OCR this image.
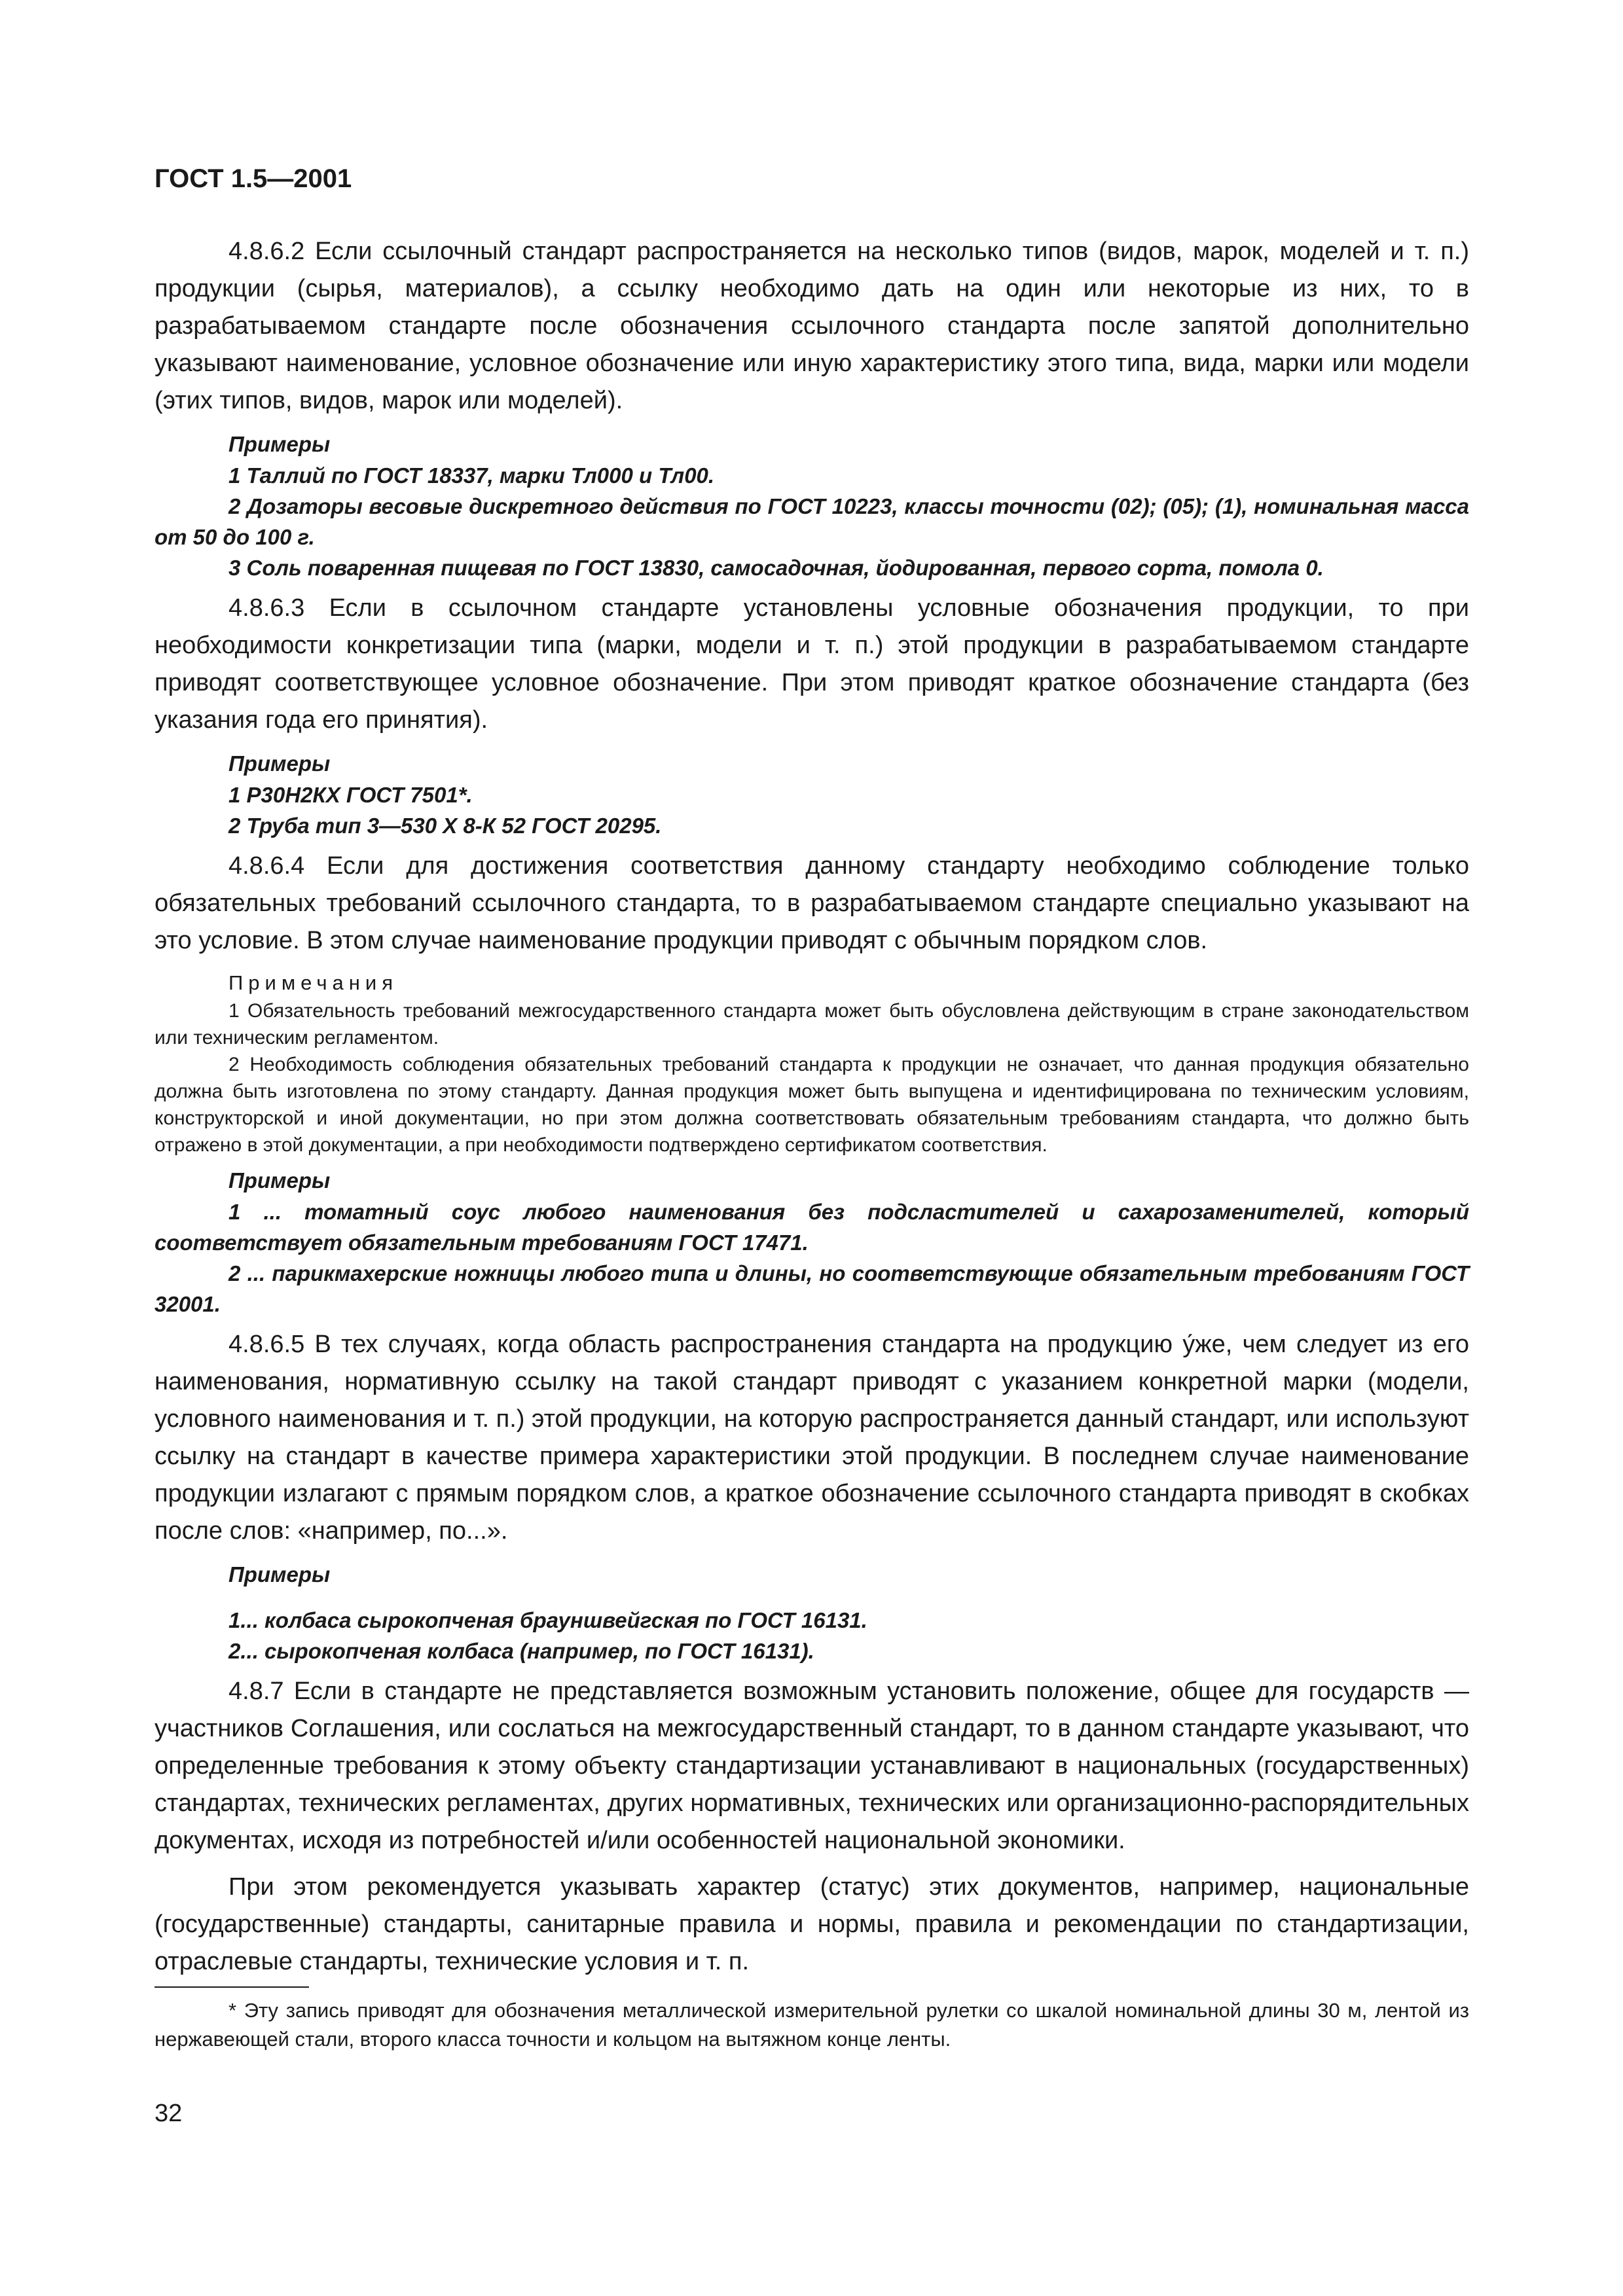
ГОСТ 1.5—2001

4.8.6.2 Если ссылочный стандарт распространяется на несколько типов (видов, марок, моделей и т. п.) продукции (сырья, материалов), а ссылку необходимо дать на один или некоторые из них, то в разрабатываемом стандарте после обозначения ссылочного стандарта после запятой дополнительно указывают наименование, условное обозначение или иную характеристику этого типа, вида, марки или модели (этих типов, видов, марок или моделей).

Примеры
1 Таллий по ГОСТ 18337, марки Тл000 и Тл00.
2 Дозаторы весовые дискретного действия по ГОСТ 10223, классы точности (02); (05); (1), номинальная масса от 50 до 100 г.
3 Соль поваренная пищевая по ГОСТ 13830, самосадочная, йодированная, первого сорта, помола 0.

4.8.6.3 Если в ссылочном стандарте установлены условные обозначения продукции, то при необходимости конкретизации типа (марки, модели и т. п.) этой продукции в разрабатываемом стандарте приводят соответствующее условное обозначение. При этом приводят краткое обозначение стандарта (без указания года его принятия).

Примеры
1 Р30Н2КХ ГОСТ 7501*.
2 Труба тип 3—530 X 8-К 52 ГОСТ 20295.

4.8.6.4 Если для достижения соответствия данному стандарту необходимо соблюдение только обязательных требований ссылочного стандарта, то в разрабатываемом стандарте специально указывают на это условие. В этом случае наименование продукции приводят с обычным порядком слов.

Примечания
1 Обязательность требований межгосударственного стандарта может быть обусловлена действующим в стране законодательством или техническим регламентом.
2 Необходимость соблюдения обязательных требований стандарта к продукции не означает, что данная продукция обязательно должна быть изготовлена по этому стандарту. Данная продукция может быть выпущена и идентифицирована по техническим условиям, конструкторской и иной документации, но при этом должна соответствовать обязательным требованиям стандарта, что должно быть отражено в этой документации, а при необходимости подтверждено сертификатом соответствия.
Примеры
1 ... томатный соус любого наименования без подсластителей и сахарозаменителей, который соответствует обязательным требованиям ГОСТ 17471.
2 ... парикмахерские ножницы любого типа и длины, но соответствующие обязательным требованиям ГОСТ 32001.

4.8.6.5 В тех случаях, когда область распространения стандарта на продукцию у́же, чем следует из его наименования, нормативную ссылку на такой стандарт приводят с указанием конкретной марки (модели, условного наименования и т. п.) этой продукции, на которую распространяется данный стандарт, или используют ссылку на стандарт в качестве примера характеристики этой продукции. В последнем случае наименование продукции излагают с прямым порядком слов, а краткое обозначение ссылочного стандарта приводят в скобках после слов: «например, по...».

Примеры
1... колбаса сырокопченая брауншвейгская по ГОСТ 16131.
2... сырокопченая колбаса (например, по ГОСТ 16131).

4.8.7 Если в стандарте не представляется возможным установить положение, общее для государств — участников Соглашения, или сослаться на межгосударственный стандарт, то в данном стандарте указывают, что определенные требования к этому объекту стандартизации устанавливают в национальных (государственных) стандартах, технических регламентах, других нормативных, технических или организационно-распорядительных документах, исходя из потребностей и/или особенностей национальной экономики.

При этом рекомендуется указывать характер (статус) этих документов, например, национальные (государственные) стандарты, санитарные правила и нормы, правила и рекомендации по стандартизации, отраслевые стандарты, технические условия и т. п.

* Эту запись приводят для обозначения металлической измерительной рулетки со шкалой номинальной длины 30 м, лентой из нержавеющей стали, второго класса точности и кольцом на вытяжном конце ленты.
32
